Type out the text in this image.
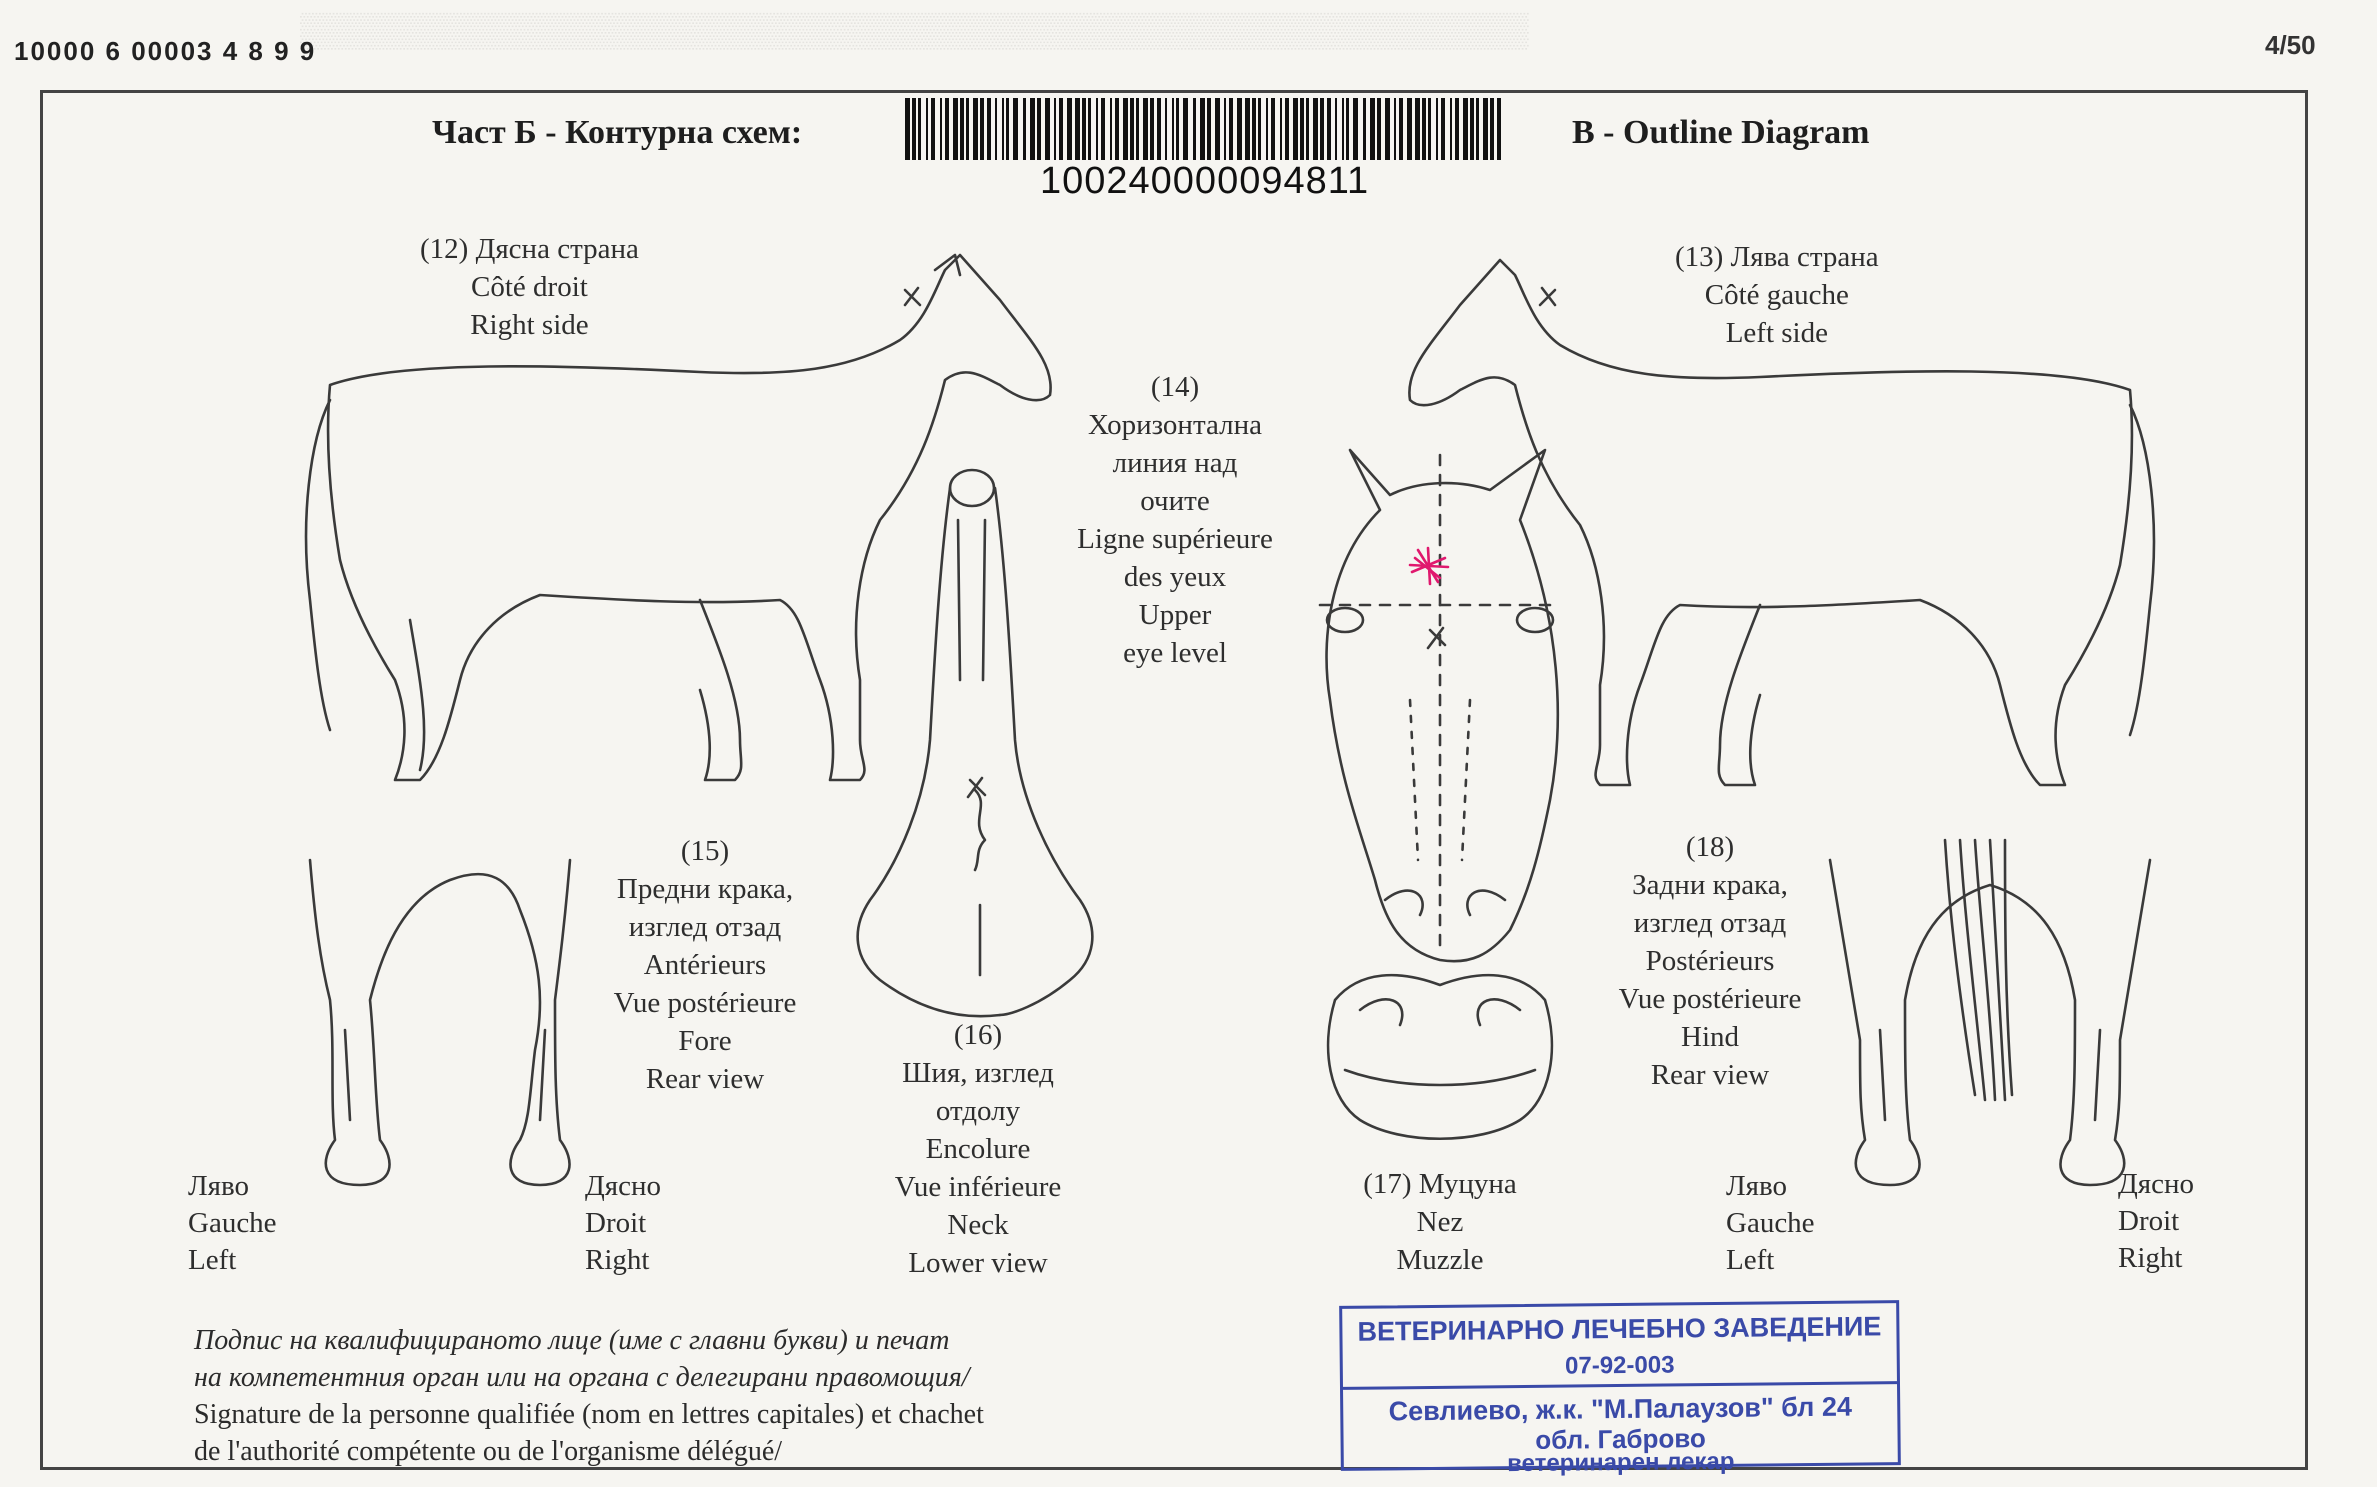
▒▒▒▒▒▒▒▒▒▒▒▒▒▒▒▒▒▒▒▒▒▒▒▒▒▒▒▒▒▒▒▒▒▒▒▒▒▒▒▒▒▒▒▒▒▒▒▒▒▒▒
10000 6 00003 4 8 9 9	4/50
Част Б - Контурна схем:	B - Outline Diagram
100240000094811
(12) Дясна страна
Côté droit
Right side
(13) Лява страна
Côté gauche
Left side
(14)
Хоризонтална
линия над
очите
Ligne supérieure
des yeux
Upper
eye level
(15)
Предни крака,
изглед отзад
Antérieurs
Vue postérieure
Fore
Rear view
(16)
Шия, изглед
отдолу
Encolure
Vue inférieure
Neck
Lower view
(17) Муцуна
Nez
Muzzle
(18)
Задни крака,
изглед отзад
Postérieurs
Vue postérieure
Hind
Rear view
Ляво
Gauche
Left
Дясно
Droit
Right
Ляво
Gauche
Left
Дясно
Droit
Right
Подпис на квалифицираното лице (име с главни букви) и печат
на компетентния орган или на органа с делегирани правомощия/
Signature de la personne qualifiée (nom en lettres capitales) et chachet
de l'authorité compétente ou de l'organisme délégué/
ВЕТЕРИНАРНО ЛЕЧЕБНО ЗАВЕДЕНИЕ
07-92-003
Севлиево, ж.к. "М.Палаузов" бл 24
обл. Габрово
ветеринарен лекар
